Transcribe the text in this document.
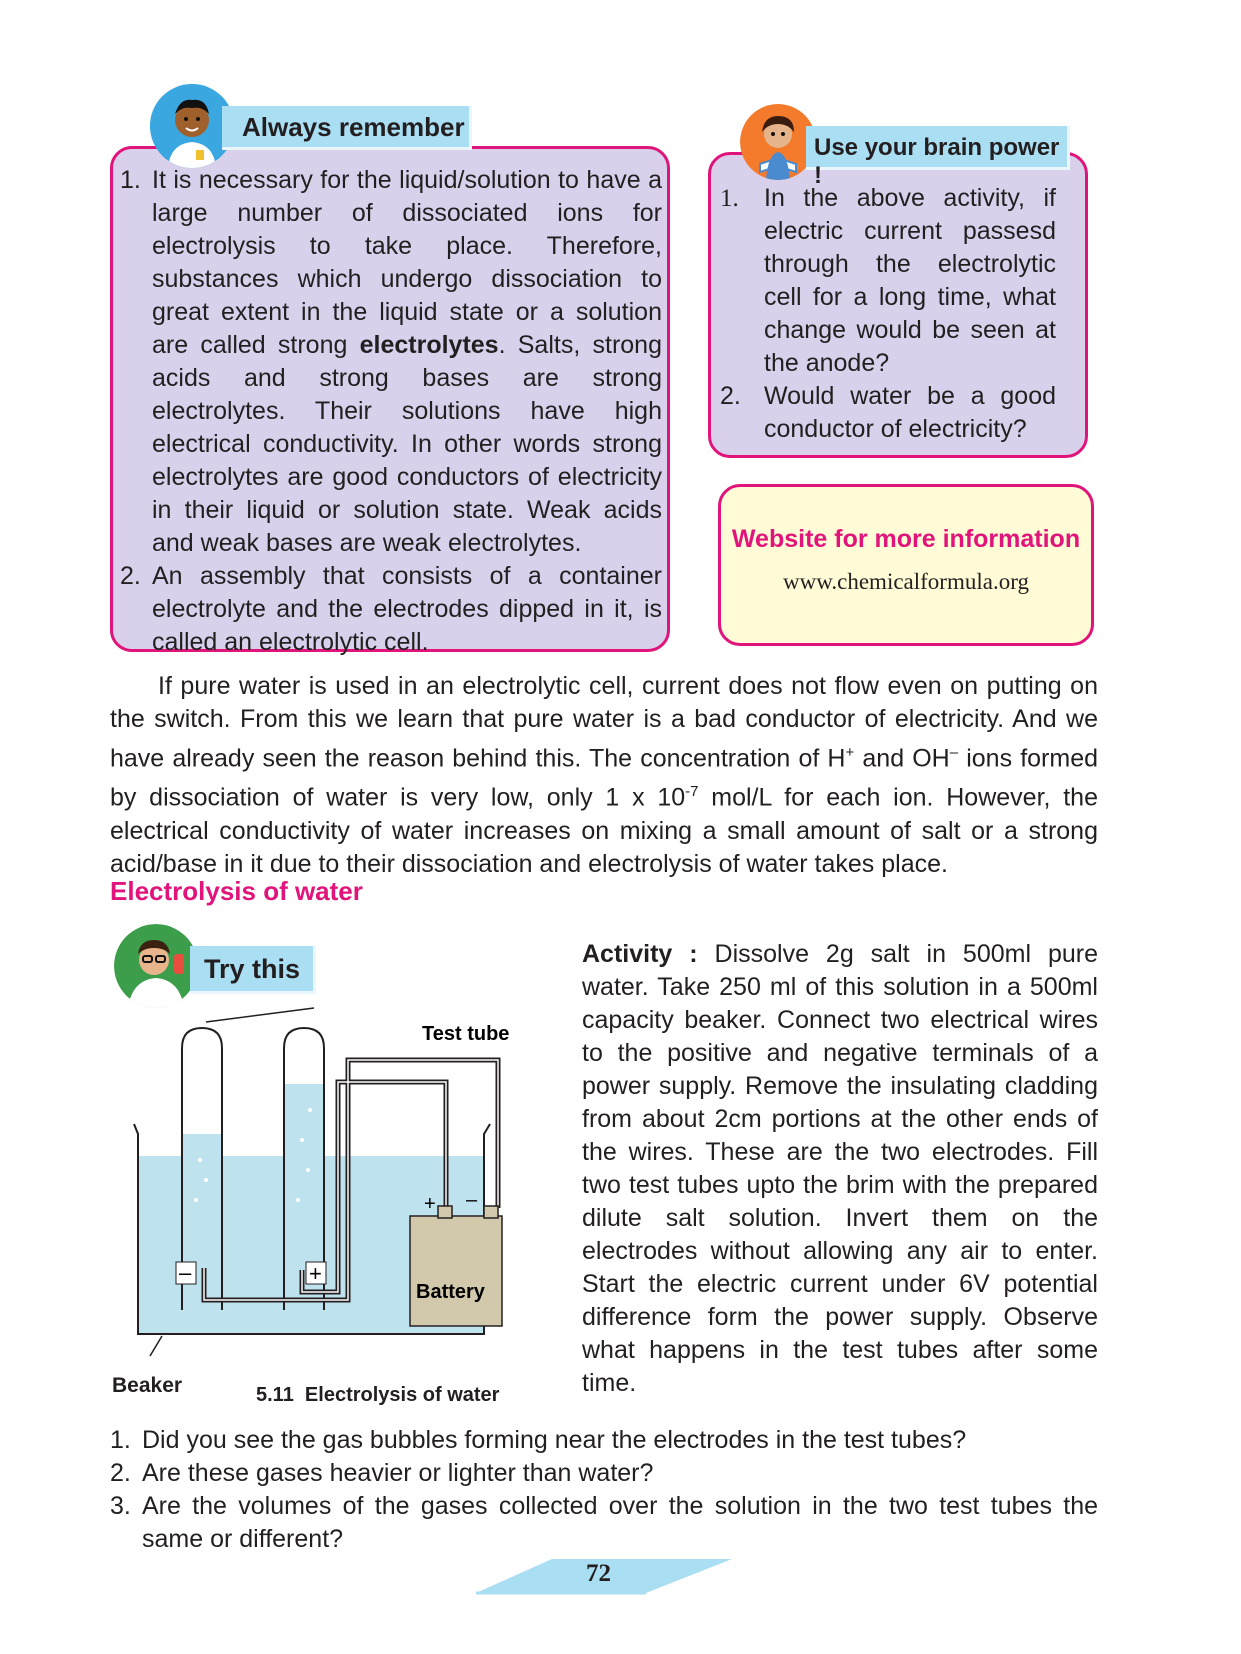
Always remember
1. It is necessary for the liquid/solution to have a large number of dissociated ions for electrolysis to take place. Therefore, substances which undergo dissociation to great extent in the liquid state or a solution are called strong electrolytes. Salts, strong acids and strong bases are strong electrolytes. Their solutions have high electrical conductivity. In other words strong electrolytes are good conductors of electricity in their liquid or solution state. Weak acids and weak bases are weak electrolytes.
2. An assembly that consists of a container electrolyte and the electrodes dipped in it, is called an electrolytic cell.
Use your brain power !
1. In the above activity, if electric current passesd through the electrolytic cell for a long time, what change would be seen at the anode?
2. Would water be a good conductor of electricity?
Website for more information
www.chemicalformula.org
If pure water is used in an electrolytic cell, current does not flow even on putting on the switch. From this we learn that pure water is a bad conductor of electricity. And we have already seen the reason behind this. The concentration of H+ and OH– ions formed by dissociation of water is very low, only 1 x $10^{-7}$ mol/L for each ion. However, the electrical conductivity of water increases on mixing a small amount of salt or a strong acid/base in it due to their dissociation and electrolysis of water takes place.
Electrolysis of water
Try this
+ –
Battery
–	+
Test tube
Beaker	5.11  Electrolysis of water
Activity : Dissolve 2g salt in 500ml pure water. Take 250 ml of this solution in a 500ml capacity beaker. Connect two electrical wires to the positive and negative terminals of a power supply. Remove the insulating cladding from about 2cm portions at the other ends of the wires. These are the two electrodes. Fill two test tubes upto the brim with the prepared dilute salt solution. Invert them on the electrodes without allowing any air to enter. Start the electric current under 6V potential difference form the power supply. Observe what happens in the test tubes after some time.
1. Did you see the gas bubbles forming near the electrodes in the test tubes?
2. Are these gases heavier or lighter than water?
3. Are the volumes of the gases collected over the solution in the two test tubes the same or different?
72
